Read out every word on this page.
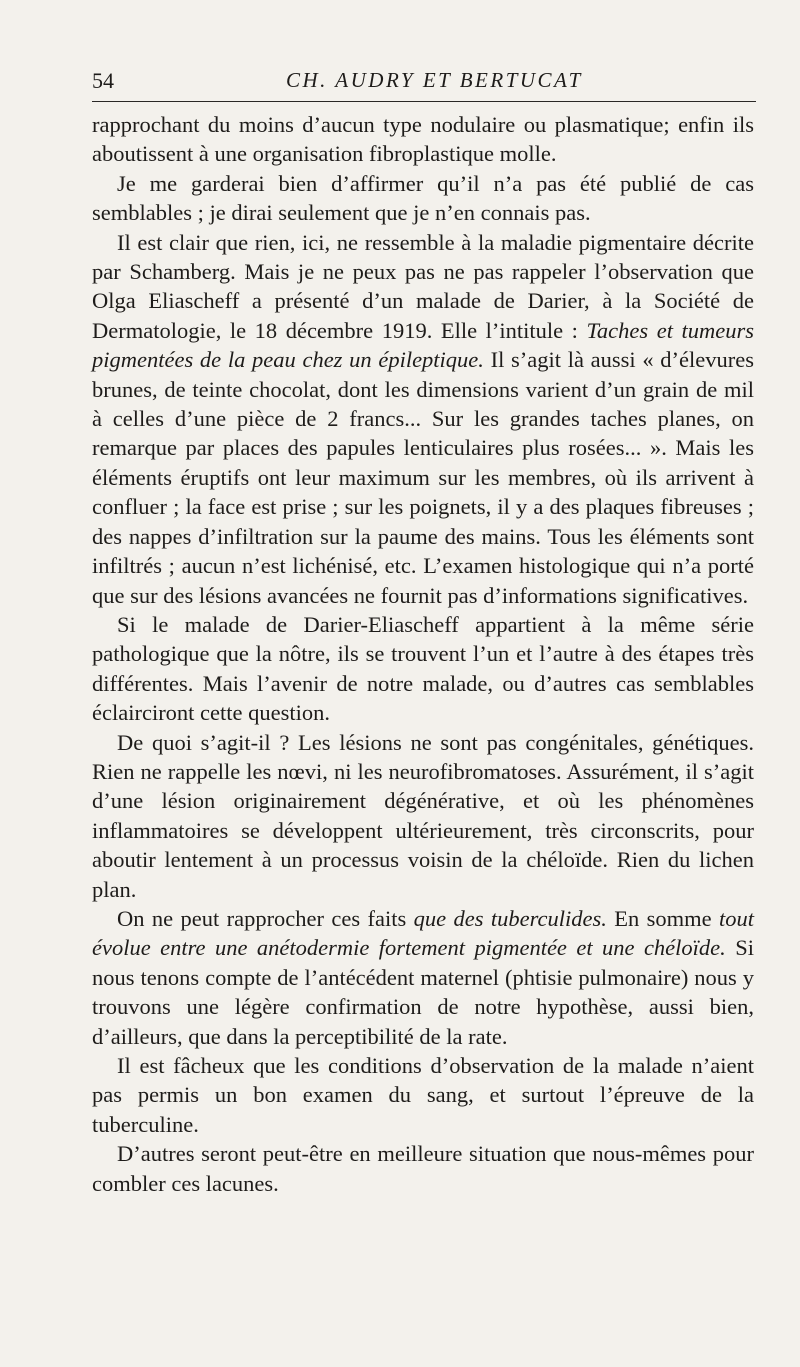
54	CH. AUDRY ET BERTUCAT

rapprochant du moins d’aucun type nodulaire ou plasmatique; enfin ils aboutissent à une organisation fibroplastique molle.

Je me garderai bien d’affirmer qu’il n’a pas été publié de cas semblables ; je dirai seulement que je n’en connais pas.

Il est clair que rien, ici, ne ressemble à la maladie pigmentaire décrite par Schamberg. Mais je ne peux pas ne pas rappeler l’observation que Olga Eliascheff a présenté d’un malade de Darier, à la Société de Dermatologie, le 18 décembre 1919. Elle l’intitule : Taches et tumeurs pigmentées de la peau chez un épileptique. Il s’agit là aussi « d’élevures brunes, de teinte chocolat, dont les dimensions varient d’un grain de mil à celles d’une pièce de 2 francs... Sur les grandes taches planes, on remarque par places des papules lenticulaires plus rosées... ». Mais les éléments éruptifs ont leur maximum sur les membres, où ils arrivent à confluer ; la face est prise ; sur les poignets, il y a des plaques fibreuses ; des nappes d’infiltration sur la paume des mains. Tous les éléments sont infiltrés ; aucun n’est lichénisé, etc. L’examen histologique qui n’a porté que sur des lésions avancées ne fournit pas d’informations significatives.

Si le malade de Darier-Eliascheff appartient à la même série pathologique que la nôtre, ils se trouvent l’un et l’autre à des étapes très différentes. Mais l’avenir de notre malade, ou d’autres cas semblables éclairciront cette question.

De quoi s’agit-il ? Les lésions ne sont pas congénitales, génétiques. Rien ne rappelle les nœvi, ni les neurofibromatoses. Assurément, il s’agit d’une lésion originairement dégénérative, et où les phénomènes inflammatoires se développent ultérieurement, très circonscrits, pour aboutir lentement à un processus voisin de la chéloïde. Rien du lichen plan.

On ne peut rapprocher ces faits que des tuberculides. En somme tout évolue entre une anétodermie fortement pigmentée et une chéloïde. Si nous tenons compte de l’antécédent maternel (phtisie pulmonaire) nous y trouvons une légère confirmation de notre hypothèse, aussi bien, d’ailleurs, que dans la perceptibilité de la rate.

Il est fâcheux que les conditions d’observation de la malade n’aient pas permis un bon examen du sang, et surtout l’épreuve de la tuberculine.

D’autres seront peut-être en meilleure situation que nous-mêmes pour combler ces lacunes.
